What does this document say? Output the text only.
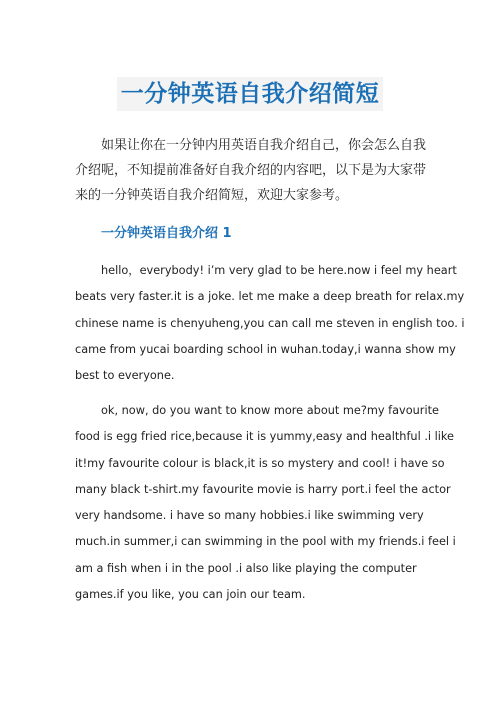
一分钟英语自我介绍简短

如果让你在一分钟内用英语自我介绍自己，你会怎么自我介绍呢，不知提前准备好自我介绍的内容吧，以下是为大家带来的一分钟英语自我介绍简短，欢迎大家参考。

一分钟英语自我介绍 1
hello，everybody! i’m very glad to be here.now i feel my heart
beats very faster.it is a joke. let me make a deep breath for relax.my
chinese name is chenyuheng,you can call me steven in english too. i
came from yucai boarding school in wuhan.today,i wanna show my
best to everyone.
ok, now, do you want to know more about me?my favourite
food is egg fried rice,because it is yummy,easy and healthful .i like
it!my favourite colour is black,it is so mystery and cool! i have so
many black t-shirt.my favourite movie is harry port.i feel the actor
very handsome. i have so many hobbies.i like swimming very
much.in summer,i can swimming in the pool with my friends.i feel i
am a fish when i in the pool .i also like playing the computer
games.if you like, you can join our team.
